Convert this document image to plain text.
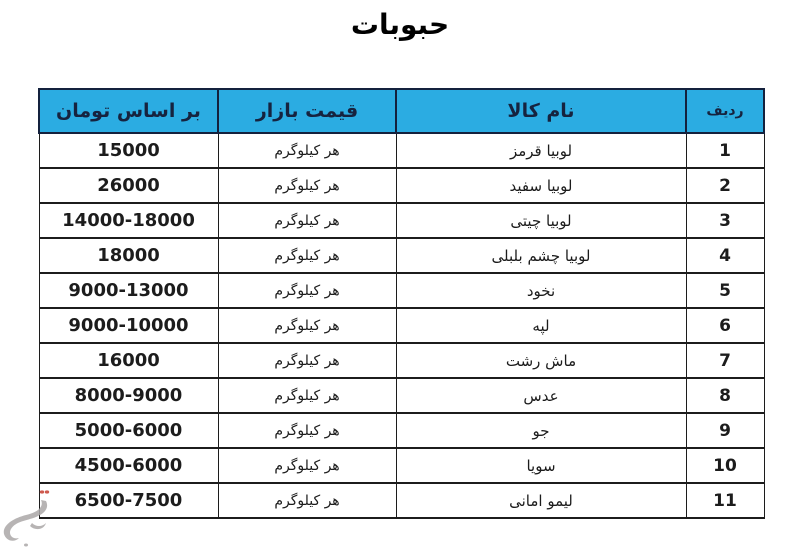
حبوبات
ردیف	نام کالا	قیمت بازار	بر اساس تومان
1	لوبیا قرمز	هر کیلوگرم	15000
2	لوبیا سفید	هر کیلوگرم	26000
3	لوبیا چیتی	هر کیلوگرم	14000-18000
4	لوبیا چشم بلبلی	هر کیلوگرم	18000
5	نخود	هر کیلوگرم	9000-13000
6	لپه	هر کیلوگرم	9000-10000
7	ماش رشت	هر کیلوگرم	16000
8	عدس	هر کیلوگرم	8000-9000
9	جو	هر کیلوگرم	5000-6000
10	سویا	هر کیلوگرم	4500-6000
11	لیمو امانی	هر کیلوگرم	6500-7500
